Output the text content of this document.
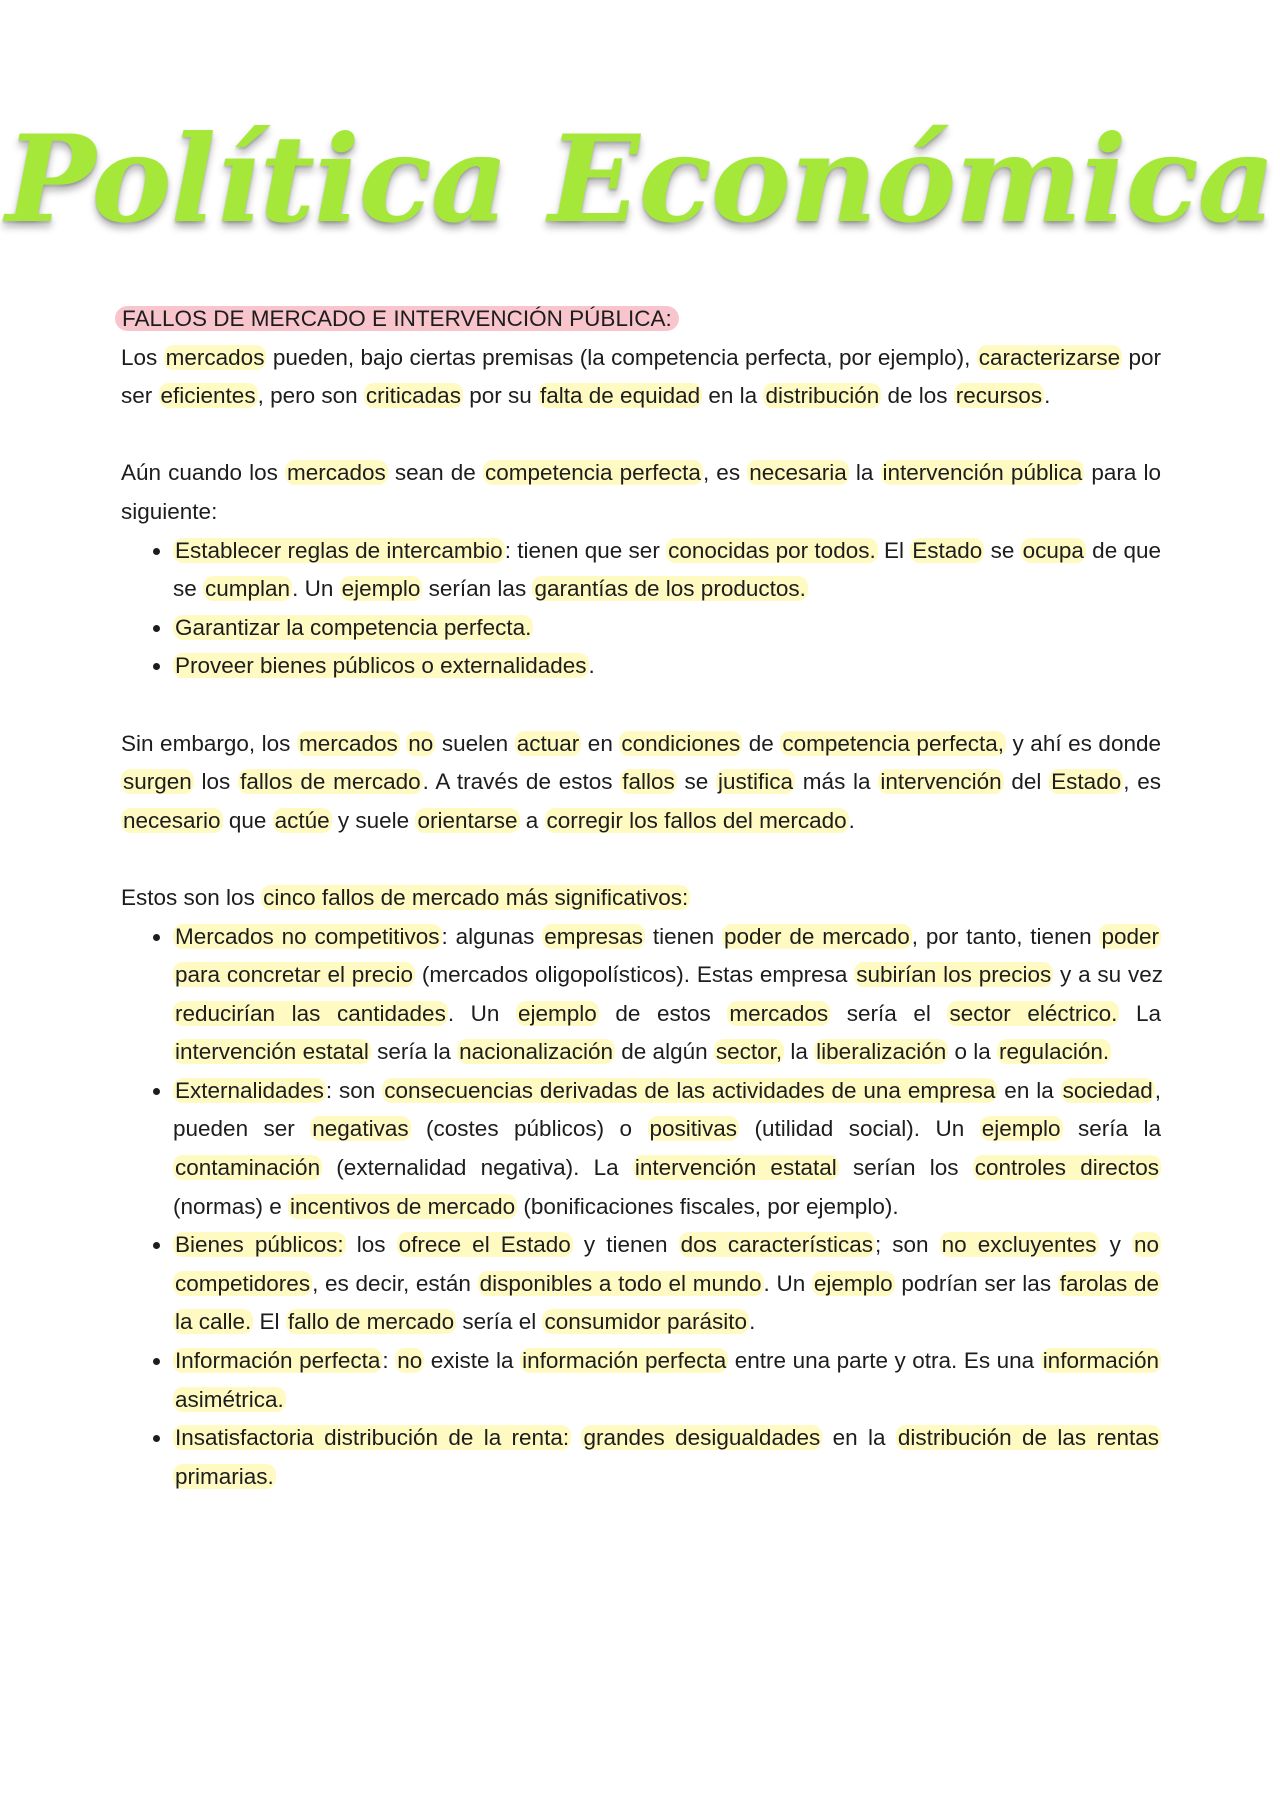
Política Económica

FALLOS DE MERCADO E INTERVENCIÓN PÚBLICA:

Los mercados pueden, bajo ciertas premisas (la competencia perfecta, por ejemplo), caracterizarse por ser eficientes, pero son criticadas por su falta de equidad en la distribución de los recursos.

Aún cuando los mercados sean de competencia perfecta, es necesaria la intervención pública para lo siguiente:

• Establecer reglas de intercambio: tienen que ser conocidas por todos. El Estado se ocupa de que se cumplan. Un ejemplo serían las garantías de los productos.
• Garantizar la competencia perfecta.
• Proveer bienes públicos o externalidades.

Sin embargo, los mercados no suelen actuar en condiciones de competencia perfecta, y ahí es donde surgen los fallos de mercado. A través de estos fallos se justifica más la intervención del Estado, es necesario que actúe y suele orientarse a corregir los fallos del mercado.

Estos son los cinco fallos de mercado más significativos:

• Mercados no competitivos: algunas empresas tienen poder de mercado, por tanto, tienen poder para concretar el precio (mercados oligopolísticos). Estas empresa subirían los precios y a su vez reducirían las cantidades. Un ejemplo de estos mercados sería el sector eléctrico. La intervención estatal sería la nacionalización de algún sector, la liberalización o la regulación.
• Externalidades: son consecuencias derivadas de las actividades de una empresa en la sociedad, pueden ser negativas (costes públicos) o positivas (utilidad social). Un ejemplo sería la contaminación (externalidad negativa). La intervención estatal serían los controles directos (normas) e incentivos de mercado (bonificaciones fiscales, por ejemplo).
• Bienes públicos: los ofrece el Estado y tienen dos características; son no excluyentes y no competidores, es decir, están disponibles a todo el mundo. Un ejemplo podrían ser las farolas de la calle. El fallo de mercado sería el consumidor parásito.
• Información perfecta: no existe la información perfecta entre una parte y otra. Es una información asimétrica.
• Insatisfactoria distribución de la renta: grandes desigualdades en la distribución de las rentas primarias.
